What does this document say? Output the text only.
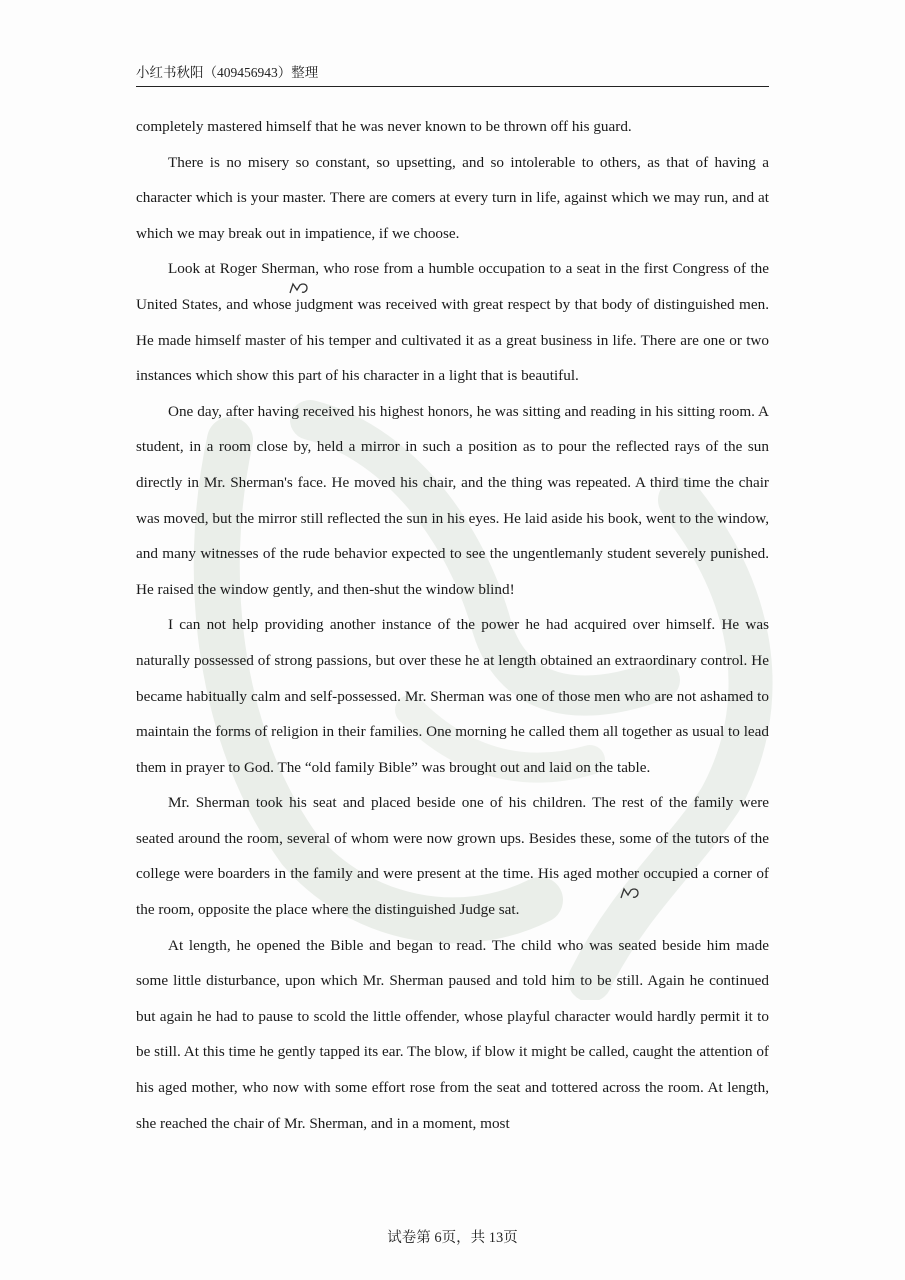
小红书秋阳（409456943）整理

completely mastered himself that he was never known to be thrown off his guard.

There is no misery so constant, so upsetting, and so intolerable to others, as that of having a character which is your master. There are comers at every turn in life, against which we may run, and at which we may break out in impatience, if we choose.

Look at Roger Sherman, who rose from a humble occupation to a seat in the first Congress of the United States, and whose judgment was received with great respect by that body of distinguished men. He made himself master of his temper and cultivated it as a great business in life. There are one or two instances which show this part of his character in a light that is beautiful.

One day, after having received his highest honors, he was sitting and reading in his sitting room. A student, in a room close by, held a mirror in such a position as to pour the reflected rays of the sun directly in Mr. Sherman's face. He moved his chair, and the thing was repeated. A third time the chair was moved, but the mirror still reflected the sun in his eyes. He laid aside his book, went to the window, and many witnesses of the rude behavior expected to see the ungentlemanly student severely punished. He raised the window gently, and then-shut the window blind!

I can not help providing another instance of the power he had acquired over himself. He was naturally possessed of strong passions, but over these he at length obtained an extraordinary control. He became habitually calm and self-possessed. Mr. Sherman was one of those men who are not ashamed to maintain the forms of religion in their families. One morning he called them all together as usual to lead them in prayer to God. The “old family Bible” was brought out and laid on the table.

Mr. Sherman took his seat and placed beside one of his children. The rest of the family were seated around the room, several of whom were now grown ups. Besides these, some of the tutors of the college were boarders in the family and were present at the time. His aged mother occupied a corner of the room, opposite the place where the distinguished Judge sat.

At length, he opened the Bible and began to read. The child who was seated beside him made some little disturbance, upon which Mr. Sherman paused and told him to be still. Again he continued but again he had to pause to scold the little offender, whose playful character would hardly permit it to be still. At this time he gently tapped its ear. The blow, if blow it might be called, caught the attention of his aged mother, who now with some effort rose from the seat and tottered across the room. At length, she reached the chair of Mr. Sherman, and in a moment, most

试卷第 6页，共 13页
